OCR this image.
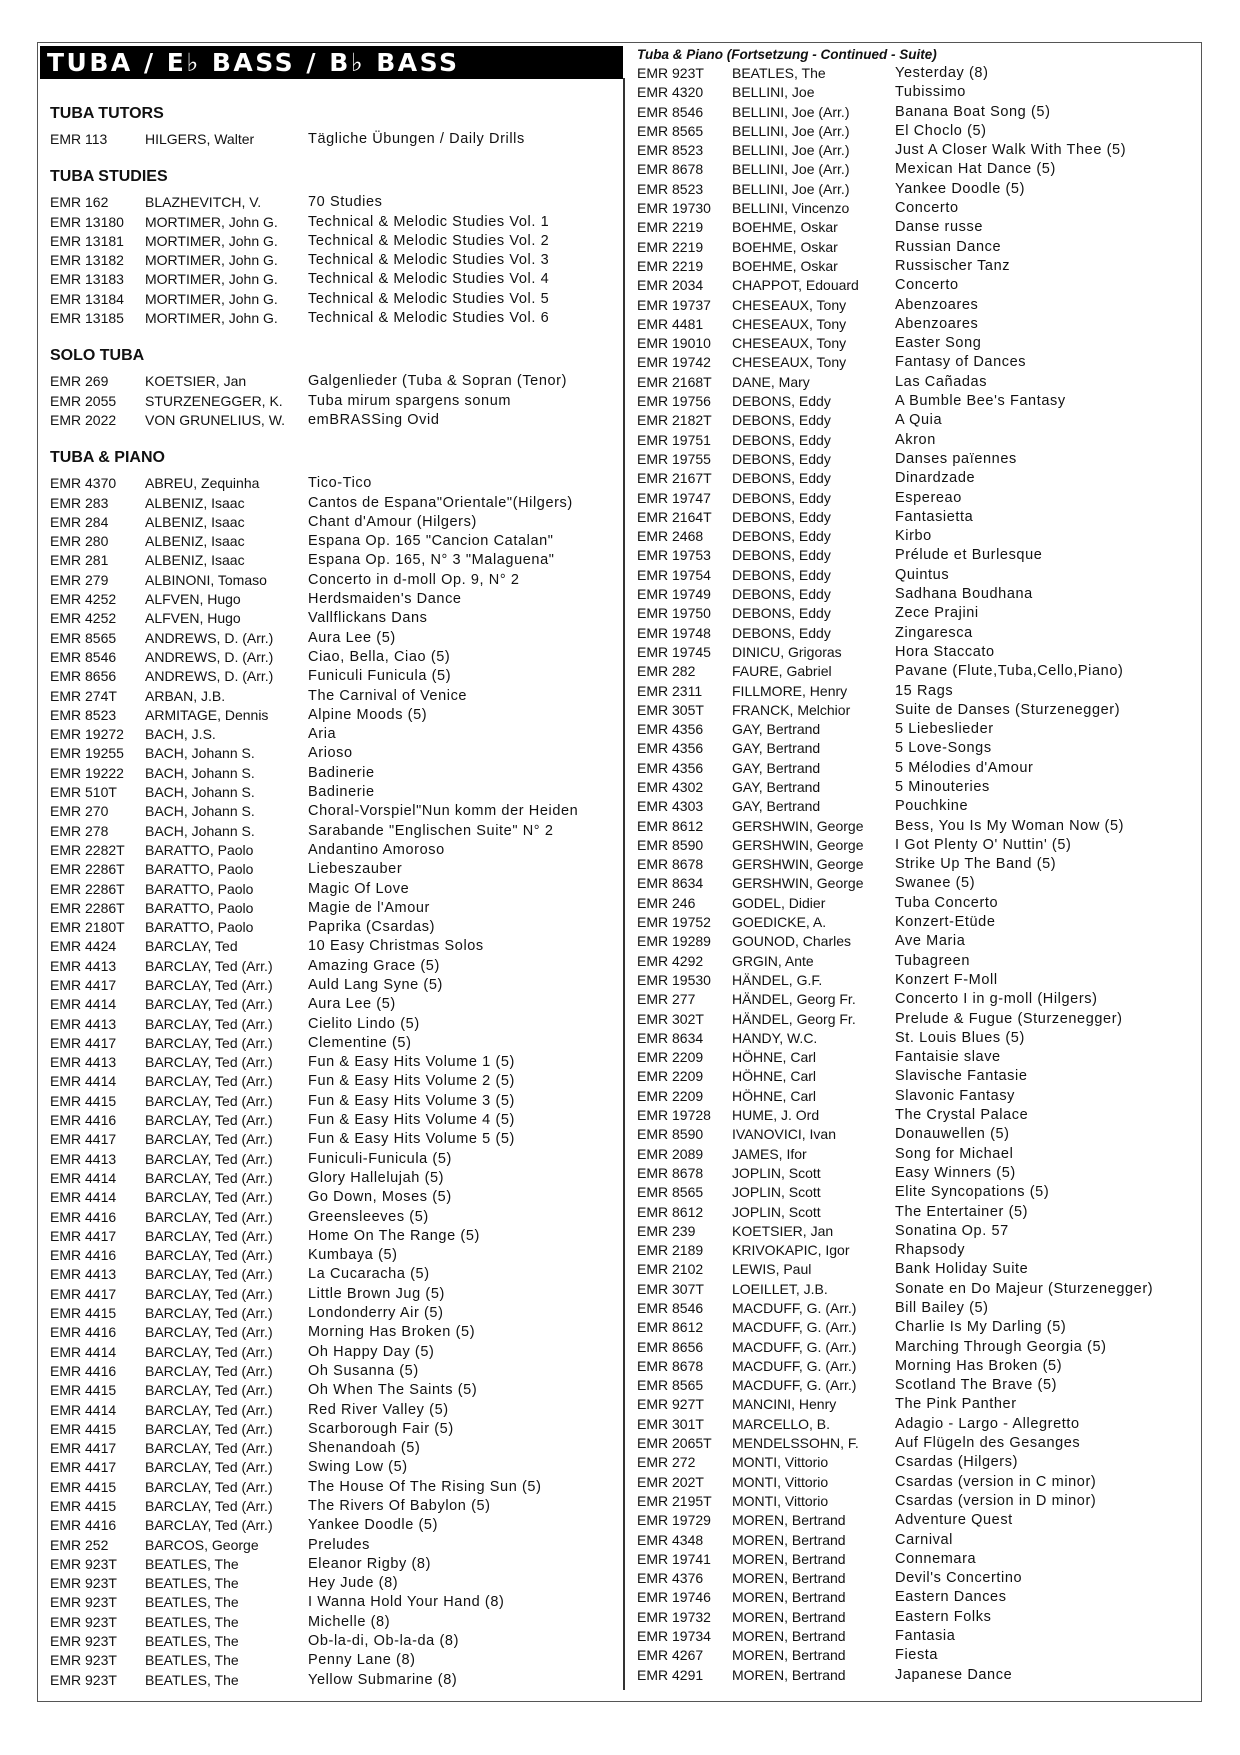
TUBA / E♭ BASS / B♭ BASS
TUBA TUTORS
EMR 113	HILGERS, Walter	Tägliche Übungen / Daily Drills
TUBA STUDIES
EMR 162	BLAZHEVITCH, V.	70 Studies
EMR 13180	MORTIMER, John G.	Technical & Melodic Studies Vol. 1
EMR 13181	MORTIMER, John G.	Technical & Melodic Studies Vol. 2
EMR 13182	MORTIMER, John G.	Technical & Melodic Studies Vol. 3
EMR 13183	MORTIMER, John G.	Technical & Melodic Studies Vol. 4
EMR 13184	MORTIMER, John G.	Technical & Melodic Studies Vol. 5
EMR 13185	MORTIMER, John G.	Technical & Melodic Studies Vol. 6
SOLO TUBA
EMR 269	KOETSIER, Jan	Galgenlieder (Tuba & Sopran (Tenor)
EMR 2055	STURZENEGGER, K.	Tuba mirum spargens sonum
EMR 2022	VON GRUNELIUS, W.	emBRASSing Ovid
TUBA & PIANO
EMR 4370	ABREU, Zequinha	Tico-Tico
EMR 283	ALBENIZ, Isaac	Cantos de Espana"Orientale"(Hilgers)
EMR 284	ALBENIZ, Isaac	Chant d'Amour (Hilgers)
EMR 280	ALBENIZ, Isaac	Espana Op. 165 "Cancion Catalan"
EMR 281	ALBENIZ, Isaac	Espana Op. 165, N° 3 "Malaguena"
EMR 279	ALBINONI, Tomaso	Concerto in d-moll Op. 9, N° 2
EMR 4252	ALFVEN, Hugo	Herdsmaiden's Dance
EMR 4252	ALFVEN, Hugo	Vallflickans Dans
EMR 8565	ANDREWS, D. (Arr.)	Aura Lee (5)
EMR 8546	ANDREWS, D. (Arr.)	Ciao, Bella, Ciao (5)
EMR 8656	ANDREWS, D. (Arr.)	Funiculi Funicula (5)
EMR 274T	ARBAN, J.B.	The Carnival of Venice
EMR 8523	ARMITAGE, Dennis	Alpine Moods (5)
EMR 19272	BACH, J.S.	Aria
EMR 19255	BACH, Johann S.	Arioso
EMR 19222	BACH, Johann S.	Badinerie
EMR 510T	BACH, Johann S.	Badinerie
EMR 270	BACH, Johann S.	Choral-Vorspiel"Nun komm der Heiden
EMR 278	BACH, Johann S.	Sarabande "Englischen Suite" N° 2
EMR 2282T	BARATTO, Paolo	Andantino Amoroso
EMR 2286T	BARATTO, Paolo	Liebeszauber
EMR 2286T	BARATTO, Paolo	Magic Of Love
EMR 2286T	BARATTO, Paolo	Magie de l'Amour
EMR 2180T	BARATTO, Paolo	Paprika (Csardas)
EMR 4424	BARCLAY, Ted	10 Easy Christmas Solos
EMR 4413	BARCLAY, Ted (Arr.)	Amazing Grace (5)
EMR 4417	BARCLAY, Ted (Arr.)	Auld Lang Syne (5)
EMR 4414	BARCLAY, Ted (Arr.)	Aura Lee (5)
EMR 4413	BARCLAY, Ted (Arr.)	Cielito Lindo (5)
EMR 4417	BARCLAY, Ted (Arr.)	Clementine (5)
EMR 4413	BARCLAY, Ted (Arr.)	Fun & Easy Hits Volume 1 (5)
EMR 4414	BARCLAY, Ted (Arr.)	Fun & Easy Hits Volume 2 (5)
EMR 4415	BARCLAY, Ted (Arr.)	Fun & Easy Hits Volume 3 (5)
EMR 4416	BARCLAY, Ted (Arr.)	Fun & Easy Hits Volume 4 (5)
EMR 4417	BARCLAY, Ted (Arr.)	Fun & Easy Hits Volume 5 (5)
EMR 4413	BARCLAY, Ted (Arr.)	Funiculi-Funicula (5)
EMR 4414	BARCLAY, Ted (Arr.)	Glory Hallelujah (5)
EMR 4414	BARCLAY, Ted (Arr.)	Go Down, Moses (5)
EMR 4416	BARCLAY, Ted (Arr.)	Greensleeves (5)
EMR 4417	BARCLAY, Ted (Arr.)	Home On The Range (5)
EMR 4416	BARCLAY, Ted (Arr.)	Kumbaya (5)
EMR 4413	BARCLAY, Ted (Arr.)	La Cucaracha (5)
EMR 4417	BARCLAY, Ted (Arr.)	Little Brown Jug (5)
EMR 4415	BARCLAY, Ted (Arr.)	Londonderry Air (5)
EMR 4416	BARCLAY, Ted (Arr.)	Morning Has Broken (5)
EMR 4414	BARCLAY, Ted (Arr.)	Oh Happy Day (5)
EMR 4416	BARCLAY, Ted (Arr.)	Oh Susanna (5)
EMR 4415	BARCLAY, Ted (Arr.)	Oh When The Saints (5)
EMR 4414	BARCLAY, Ted (Arr.)	Red River Valley (5)
EMR 4415	BARCLAY, Ted (Arr.)	Scarborough Fair (5)
EMR 4417	BARCLAY, Ted (Arr.)	Shenandoah (5)
EMR 4417	BARCLAY, Ted (Arr.)	Swing Low (5)
EMR 4415	BARCLAY, Ted (Arr.)	The House Of The Rising Sun (5)
EMR 4415	BARCLAY, Ted (Arr.)	The Rivers Of Babylon (5)
EMR 4416	BARCLAY, Ted (Arr.)	Yankee Doodle (5)
EMR 252	BARCOS, George	Preludes
EMR 923T	BEATLES, The	Eleanor Rigby (8)
EMR 923T	BEATLES, The	Hey Jude (8)
EMR 923T	BEATLES, The	I Wanna Hold Your Hand (8)
EMR 923T	BEATLES, The	Michelle (8)
EMR 923T	BEATLES, The	Ob-la-di, Ob-la-da (8)
EMR 923T	BEATLES, The	Penny Lane (8)
EMR 923T	BEATLES, The	Yellow Submarine (8)
Tuba & Piano (Fortsetzung - Continued - Suite)
EMR 923T	BEATLES, The	Yesterday (8)
EMR 4320	BELLINI, Joe	Tubissimo
EMR 8546	BELLINI, Joe (Arr.)	Banana Boat Song (5)
EMR 8565	BELLINI, Joe (Arr.)	El Choclo (5)
EMR 8523	BELLINI, Joe (Arr.)	Just A Closer Walk With Thee (5)
EMR 8678	BELLINI, Joe (Arr.)	Mexican Hat Dance (5)
EMR 8523	BELLINI, Joe (Arr.)	Yankee Doodle (5)
EMR 19730	BELLINI, Vincenzo	Concerto
EMR 2219	BOEHME, Oskar	Danse russe
EMR 2219	BOEHME, Oskar	Russian Dance
EMR 2219	BOEHME, Oskar	Russischer Tanz
EMR 2034	CHAPPOT, Edouard	Concerto
EMR 19737	CHESEAUX, Tony	Abenzoares
EMR 4481	CHESEAUX, Tony	Abenzoares
EMR 19010	CHESEAUX, Tony	Easter Song
EMR 19742	CHESEAUX, Tony	Fantasy of Dances
EMR 2168T	DANE, Mary	Las Cañadas
EMR 19756	DEBONS, Eddy	A Bumble Bee's Fantasy
EMR 2182T	DEBONS, Eddy	A Quia
EMR 19751	DEBONS, Eddy	Akron
EMR 19755	DEBONS, Eddy	Danses païennes
EMR 2167T	DEBONS, Eddy	Dinardzade
EMR 19747	DEBONS, Eddy	Espereao
EMR 2164T	DEBONS, Eddy	Fantasietta
EMR 2468	DEBONS, Eddy	Kirbo
EMR 19753	DEBONS, Eddy	Prélude et Burlesque
EMR 19754	DEBONS, Eddy	Quintus
EMR 19749	DEBONS, Eddy	Sadhana Boudhana
EMR 19750	DEBONS, Eddy	Zece Prajini
EMR 19748	DEBONS, Eddy	Zingaresca
EMR 19745	DINICU, Grigoras	Hora Staccato
EMR 282	FAURE, Gabriel	Pavane (Flute,Tuba,Cello,Piano)
EMR 2311	FILLMORE, Henry	15 Rags
EMR 305T	FRANCK, Melchior	Suite de Danses (Sturzenegger)
EMR 4356	GAY, Bertrand	5 Liebeslieder
EMR 4356	GAY, Bertrand	5 Love-Songs
EMR 4356	GAY, Bertrand	5 Mélodies d'Amour
EMR 4302	GAY, Bertrand	5 Minouteries
EMR 4303	GAY, Bertrand	Pouchkine
EMR 8612	GERSHWIN, George	Bess, You Is My Woman Now (5)
EMR 8590	GERSHWIN, George	I Got Plenty O' Nuttin' (5)
EMR 8678	GERSHWIN, George	Strike Up The Band (5)
EMR 8634	GERSHWIN, George	Swanee (5)
EMR 246	GODEL, Didier	Tuba Concerto
EMR 19752	GOEDICKE, A.	Konzert-Etüde
EMR 19289	GOUNOD, Charles	Ave Maria
EMR 4292	GRGIN, Ante	Tubagreen
EMR 19530	HÄNDEL, G.F.	Konzert F-Moll
EMR 277	HÄNDEL, Georg Fr.	Concerto I in g-moll (Hilgers)
EMR 302T	HÄNDEL, Georg Fr.	Prelude & Fugue (Sturzenegger)
EMR 8634	HANDY, W.C.	St. Louis Blues (5)
EMR 2209	HÖHNE, Carl	Fantaisie slave
EMR 2209	HÖHNE, Carl	Slavische Fantasie
EMR 2209	HÖHNE, Carl	Slavonic Fantasy
EMR 19728	HUME, J. Ord	The Crystal Palace
EMR 8590	IVANOVICI, Ivan	Donauwellen (5)
EMR 2089	JAMES, Ifor	Song for Michael
EMR 8678	JOPLIN, Scott	Easy Winners (5)
EMR 8565	JOPLIN, Scott	Elite Syncopations (5)
EMR 8612	JOPLIN, Scott	The Entertainer (5)
EMR 239	KOETSIER, Jan	Sonatina Op. 57
EMR 2189	KRIVOKAPIC, Igor	Rhapsody
EMR 2102	LEWIS, Paul	Bank Holiday Suite
EMR 307T	LOEILLET, J.B.	Sonate en Do Majeur (Sturzenegger)
EMR 8546	MACDUFF, G. (Arr.)	Bill Bailey (5)
EMR 8612	MACDUFF, G. (Arr.)	Charlie Is My Darling (5)
EMR 8656	MACDUFF, G. (Arr.)	Marching Through Georgia (5)
EMR 8678	MACDUFF, G. (Arr.)	Morning Has Broken (5)
EMR 8565	MACDUFF, G. (Arr.)	Scotland The Brave (5)
EMR 927T	MANCINI, Henry	The Pink Panther
EMR 301T	MARCELLO, B.	Adagio - Largo - Allegretto
EMR 2065T	MENDELSSOHN, F.	Auf Flügeln des Gesanges
EMR 272	MONTI, Vittorio	Csardas (Hilgers)
EMR 202T	MONTI, Vittorio	Csardas (version in C minor)
EMR 2195T	MONTI, Vittorio	Csardas (version in D minor)
EMR 19729	MOREN, Bertrand	Adventure Quest
EMR 4348	MOREN, Bertrand	Carnival
EMR 19741	MOREN, Bertrand	Connemara
EMR 4376	MOREN, Bertrand	Devil's Concertino
EMR 19746	MOREN, Bertrand	Eastern Dances
EMR 19732	MOREN, Bertrand	Eastern Folks
EMR 19734	MOREN, Bertrand	Fantasia
EMR 4267	MOREN, Bertrand	Fiesta
EMR 4291	MOREN, Bertrand	Japanese Dance
